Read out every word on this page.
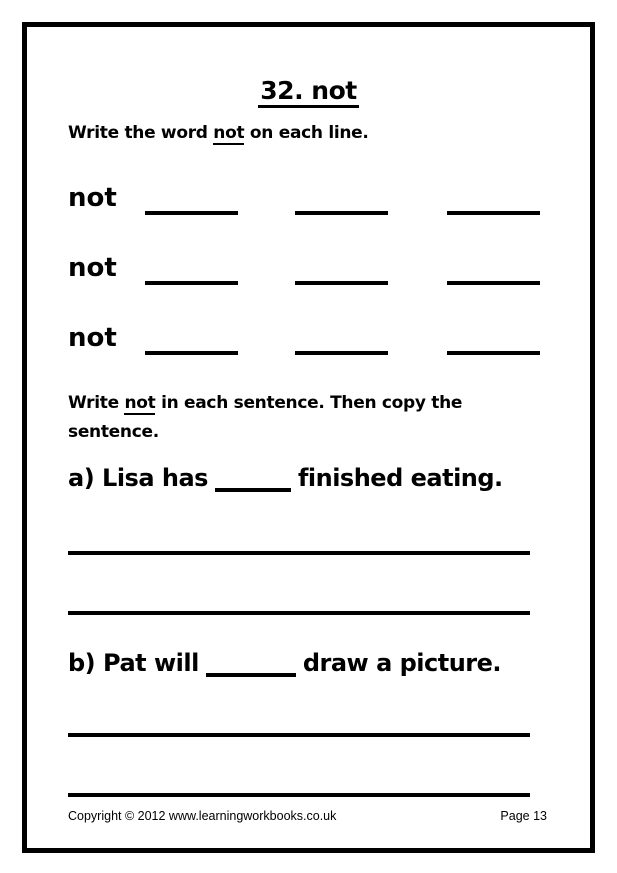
32. not
Write the word not on each line.
not
not
not
Write not in each sentence. Then copy the
sentence.
a) Lisa has	finished eating.
b) Pat will	draw a picture.
Copyright © 2012 www.learningworkbooks.co.uk	Page 13
